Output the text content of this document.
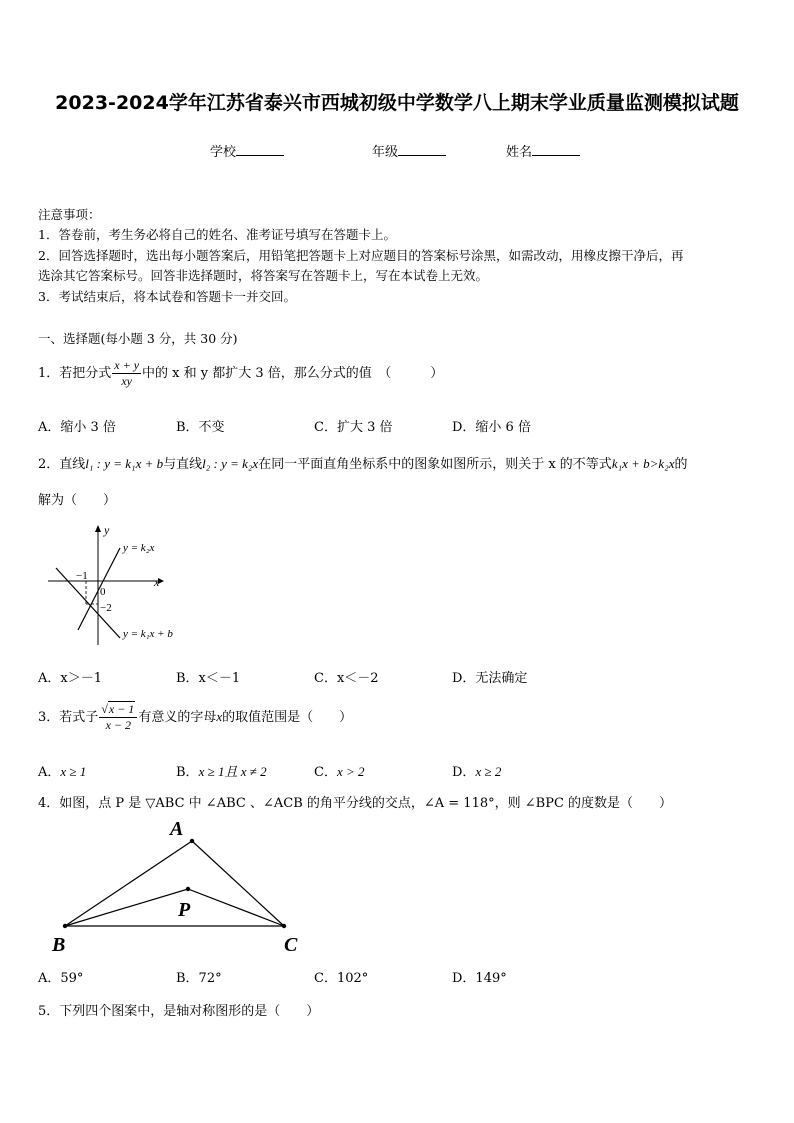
2023-2024学年江苏省泰兴市西城初级中学数学八上期末学业质量监测模拟试题
学校	年级	姓名
注意事项：
1．答卷前，考生务必将自己的姓名、准考证号填写在答题卡上。
2．回答选择题时，选出每小题答案后，用铅笔把答题卡上对应题目的答案标号涂黑，如需改动，用橡皮擦干净后，再
选涂其它答案标号。回答非选择题时，将答案写在答题卡上，写在本试卷上无效。
3．考试结束后，将本试卷和答题卡一并交回。
一、选择题(每小题 3 分，共 30 分)
1．若把分式 $\frac{x + y}{xy}$ 中的 x 和 y 都扩大 3 倍，那么分式的值　（　　　）
A．缩小 3 倍	B．不变	C．扩大 3 倍	D．缩小 6 倍
2．直线l₁ : y = k₁x + b与直线l₂ : y = k₂x在同一平面直角坐标系中的图象如图所示，则关于 x 的不等式k₁x + b>k₂x的
解为（　　）
y
x
0
−1
−2
y = k₂x
y = k₁x + b
A．x＞－1	B．x＜－1	C．x＜－2	D．无法确定
3．若式子 $\frac{√x - 1}{x - 2}$ 有意义的字母x的取值范围是（　　）
A．x ≥ 1	B．x ≥ 1且 x ≠ 2	C．x > 2	D．x ≥ 2
4．如图，点 P 是 ▽ABC 中 ∠ABC 、∠ACB 的角平分线的交点，∠A = 118°，则 ∠BPC 的度数是（　　）
A
B	C
P
A．59°	B．72°	C．102°	D．149°
5．下列四个图案中，是轴对称图形的是（　　）
